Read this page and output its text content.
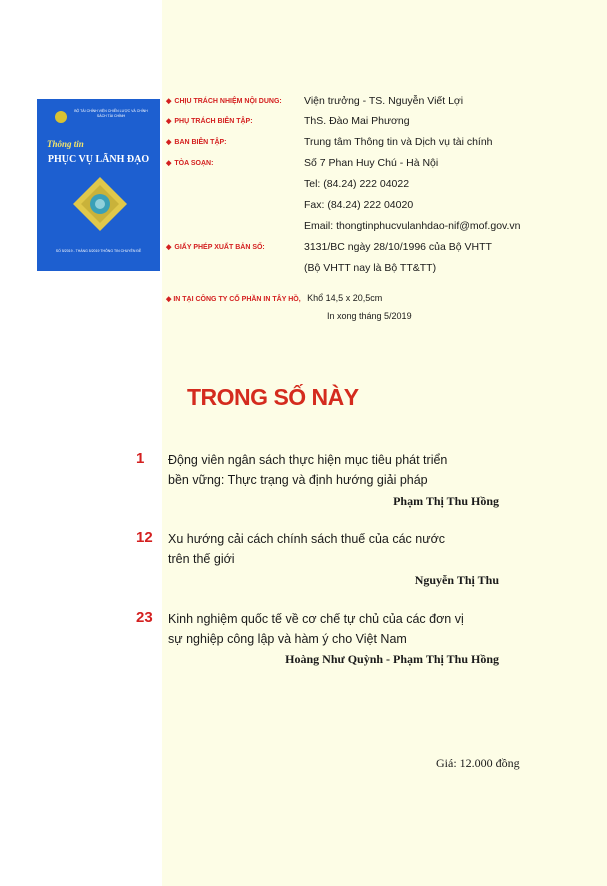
BỘ TÀI CHÍNH VIỆN CHIẾN LƯỢC VÀ CHÍNH SÁCH TÀI CHÍNH
Thông tin
PHỤC VỤ LÃNH ĐẠO
SỐ 5/2019 - THÁNG 5/2019 THÔNG TIN CHUYÊN ĐỀ
◆ CHỊU TRÁCH NHIỆM NỘI DUNG: Viện trưởng - TS. Nguyễn Viết Lợi
◆ PHỤ TRÁCH BIÊN TẬP:	ThS. Đào Mai Phương
◆ BAN BIÊN TẬP:	Trung tâm Thông tin và Dịch vụ tài chính
◆ TÒA SOẠN:	Số 7 Phan Huy Chú - Hà Nội
Tel: (84.24) 222 04022
Fax: (84.24) 222 04020
Email: thongtinphucvulanhdao-nif@mof.gov.vn
◆ GIẤY PHÉP XUẤT BẢN SỐ:	3131/BC ngày 28/10/1996 của Bộ VHTT
(Bộ VHTT nay là Bộ TT&TT)
◆ IN TẠI CÔNG TY CỔ PHẦN IN TÂY HỒ, Khổ 14,5 x 20,5cm
In xong tháng 5/2019
TRONG SỐ NÀY
1 Động viên ngân sách thực hiện mục tiêu phát triển
bền vững: Thực trạng và định hướng giải pháp
Phạm Thị Thu Hồng
12 Xu hướng cải cách chính sách thuế của các nước
trên thế giới
Nguyễn Thị Thu
23 Kinh nghiệm quốc tế về cơ chế tự chủ của các đơn vị
sự nghiệp công lập và hàm ý cho Việt Nam
Hoàng Như Quỳnh - Phạm Thị Thu Hồng
Giá: 12.000 đồng
